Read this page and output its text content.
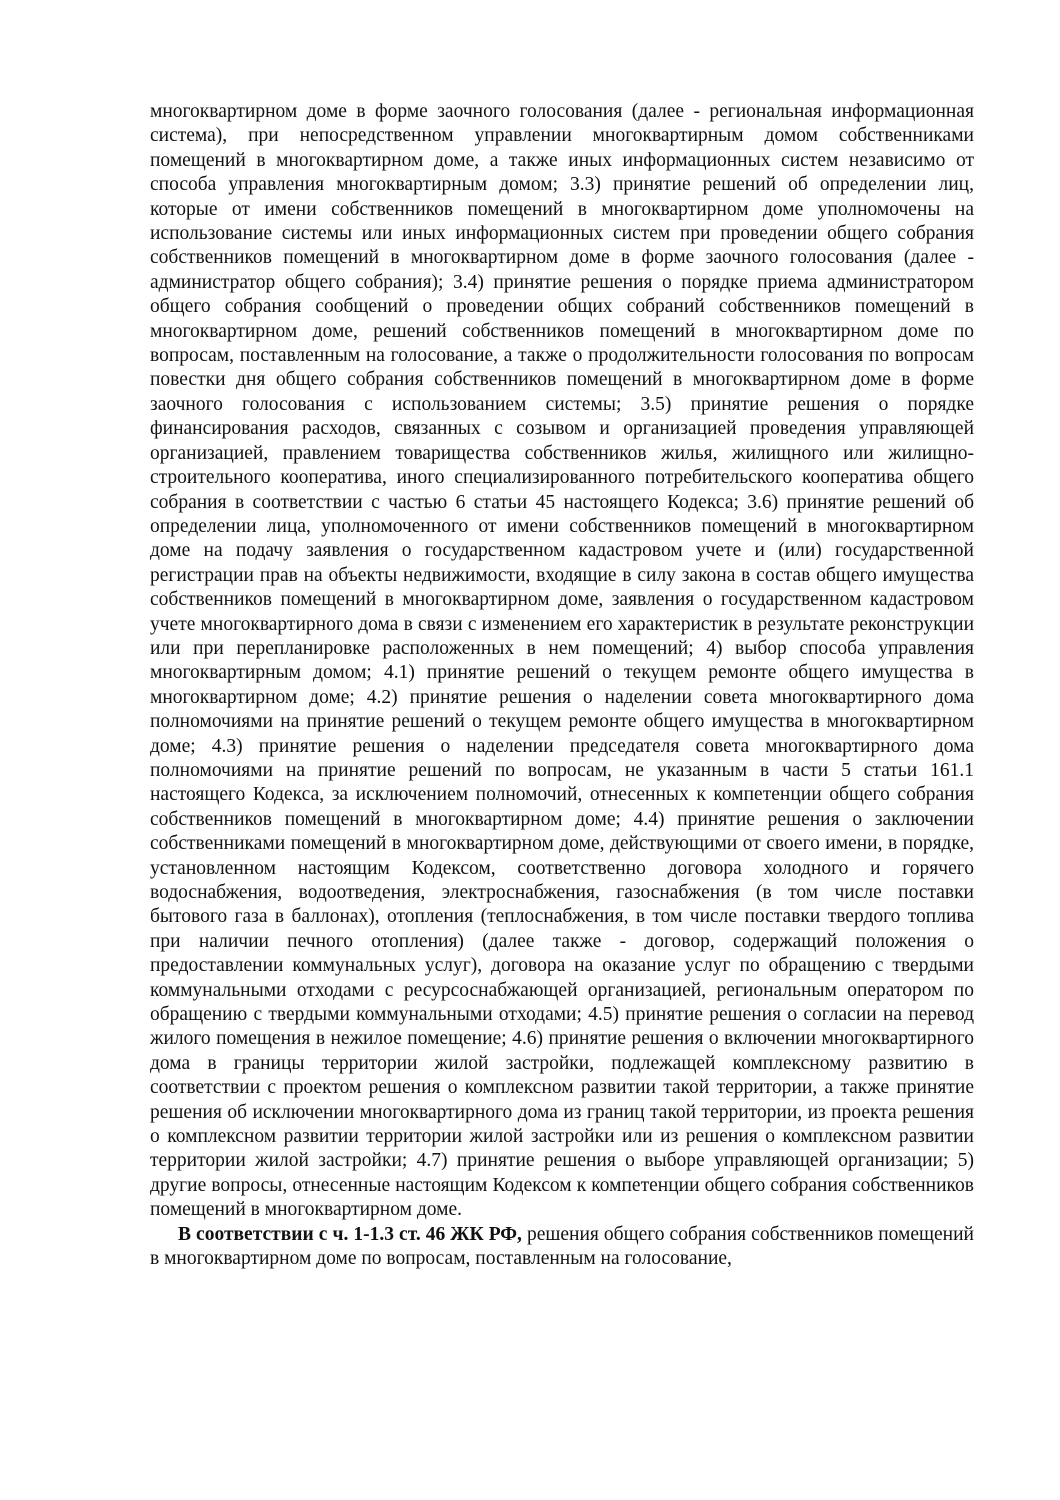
многоквартирном доме в форме заочного голосования (далее - региональная информационная система), при непосредственном управлении многоквартирным домом собственниками помещений в многоквартирном доме, а также иных информационных систем независимо от способа управления многоквартирным домом; 3.3) принятие решений об определении лиц, которые от имени собственников помещений в многоквартирном доме уполномочены на использование системы или иных информационных систем при проведении общего собрания собственников помещений в многоквартирном доме в форме заочного голосования (далее - администратор общего собрания); 3.4) принятие решения о порядке приема администратором общего собрания сообщений о проведении общих собраний собственников помещений в многоквартирном доме, решений собственников помещений в многоквартирном доме по вопросам, поставленным на голосование, а также о продолжительности голосования по вопросам повестки дня общего собрания собственников помещений в многоквартирном доме в форме заочного голосования с использованием системы; 3.5) принятие решения о порядке финансирования расходов, связанных с созывом и организацией проведения управляющей организацией, правлением товарищества собственников жилья, жилищного или жилищно-строительного кооператива, иного специализированного потребительского кооператива общего собрания в соответствии с частью 6 статьи 45 настоящего Кодекса; 3.6) принятие решений об определении лица, уполномоченного от имени собственников помещений в многоквартирном доме на подачу заявления о государственном кадастровом учете и (или) государственной регистрации прав на объекты недвижимости, входящие в силу закона в состав общего имущества собственников помещений в многоквартирном доме, заявления о государственном кадастровом учете многоквартирного дома в связи с изменением его характеристик в результате реконструкции или при перепланировке расположенных в нем помещений; 4) выбор способа управления многоквартирным домом; 4.1) принятие решений о текущем ремонте общего имущества в многоквартирном доме; 4.2) принятие решения о наделении совета многоквартирного дома полномочиями на принятие решений о текущем ремонте общего имущества в многоквартирном доме; 4.3) принятие решения о наделении председателя совета многоквартирного дома полномочиями на принятие решений по вопросам, не указанным в части 5 статьи 161.1 настоящего Кодекса, за исключением полномочий, отнесенных к компетенции общего собрания собственников помещений в многоквартирном доме; 4.4) принятие решения о заключении собственниками помещений в многоквартирном доме, действующими от своего имени, в порядке, установленном настоящим Кодексом, соответственно договора холодного и горячего водоснабжения, водоотведения, электроснабжения, газоснабжения (в том числе поставки бытового газа в баллонах), отопления (теплоснабжения, в том числе поставки твердого топлива при наличии печного отопления) (далее также - договор, содержащий положения о предоставлении коммунальных услуг), договора на оказание услуг по обращению с твердыми коммунальными отходами с ресурсоснабжающей организацией, региональным оператором по обращению с твердыми коммунальными отходами; 4.5) принятие решения о согласии на перевод жилого помещения в нежилое помещение; 4.6) принятие решения о включении многоквартирного дома в границы территории жилой застройки, подлежащей комплексному развитию в соответствии с проектом решения о комплексном развитии такой территории, а также принятие решения об исключении многоквартирного дома из границ такой территории, из проекта решения о комплексном развитии территории жилой застройки или из решения о комплексном развитии территории жилой застройки; 4.7) принятие решения о выборе управляющей организации; 5) другие вопросы, отнесенные настоящим Кодексом к компетенции общего собрания собственников помещений в многоквартирном доме.

В соответствии с ч. 1-1.3 ст. 46 ЖК РФ, решения общего собрания собственников помещений в многоквартирном доме по вопросам, поставленным на голосование,
